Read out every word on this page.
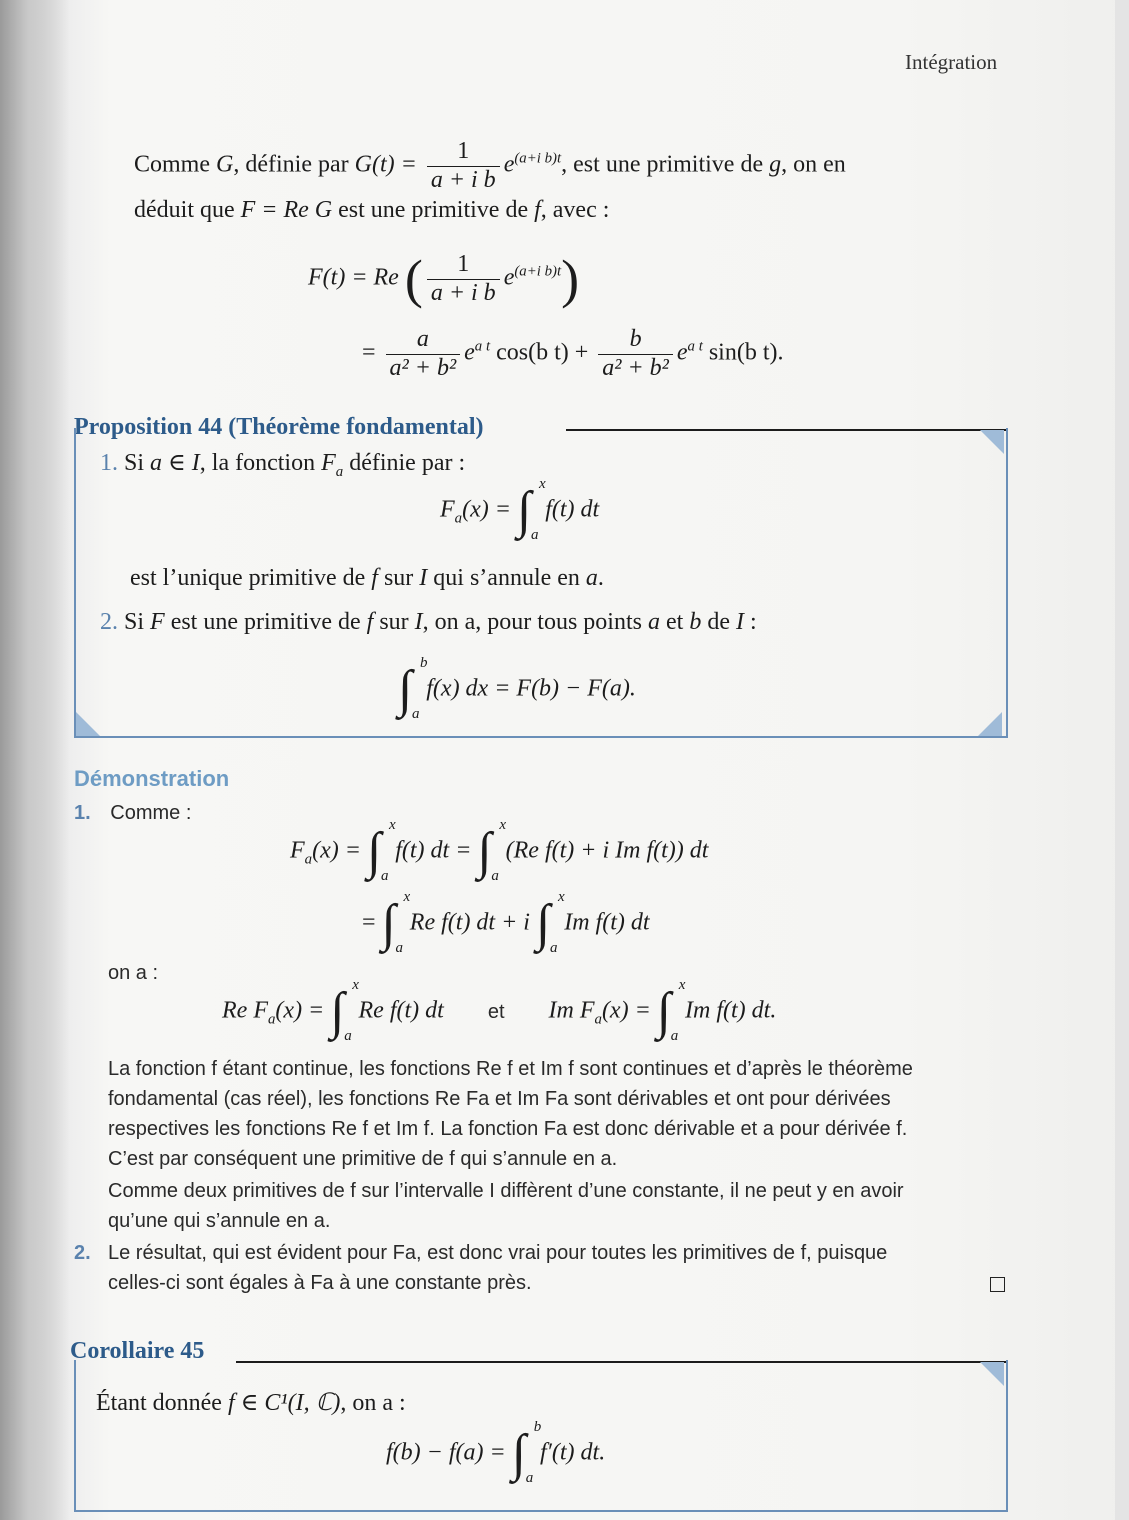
Intégration
Comme G, définie par $G(t) = \frac{1}{\text{a + i b}} e^{(a+i b)t}$, est une primitive de g, on en
déduit que F = Re G est une primitive de f, avec :
F(t) = Re ( $\frac{1}{\text{a + i b}} e^{(a+i b)t}$)
= $\frac{a}{\text{a² + b²}} e^{a t}$ cos(b $t) + \frac{b}{\text{a² + b²}} e^{a t}$ sin(b t).
Proposition 44 (Théorème fondamental)
1. Si a ∈ I, la fonction $F_a$ définie par :
$F_a(x)$ = ∫ x
a
f(t) dt
est l’unique primitive de f sur I qui s’annule en a.
2. Si F est une primitive de f sur I, on a, pour tous points a et b de I :
∫ b
a
f(x) dx = F(b) − F(a).
Démonstration
1. Comme :
$F_a(x)$ = ∫ x
a
f(t) dt = ∫ x
a
(Re f(t) + i Im f(t)) dt
= ∫ x
a
Re f(t) dt + i ∫ x
a
Im f(t) dt
on a :
Re $F_a(x)$ = ∫ x
a
Re f(t) dt et Im $F_a(x)$ = ∫ x
a
Im f(t) dt.
La fonction f étant continue, les fonctions Re f et Im f sont continues et d’après le théorème
fondamental (cas réel), les fonctions Re Fa et Im Fa sont dérivables et ont pour dérivées
respectives les fonctions Re f et Im f. La fonction Fa est donc dérivable et a pour dérivée f.
C’est par conséquent une primitive de f qui s’annule en a.
Comme deux primitives de f sur l’intervalle I diffèrent d’une constante, il ne peut y en avoir
qu’une qui s’annule en a.
2. Le résultat, qui est évident pour Fa, est donc vrai pour toutes les primitives de f, puisque
celles-ci sont égales à Fa à une constante près.
Corollaire 45
Étant donnée f ∈ C¹(I, ℂ), on a :
f(b) − f(a) = ∫ b
a
f′(t) dt.
